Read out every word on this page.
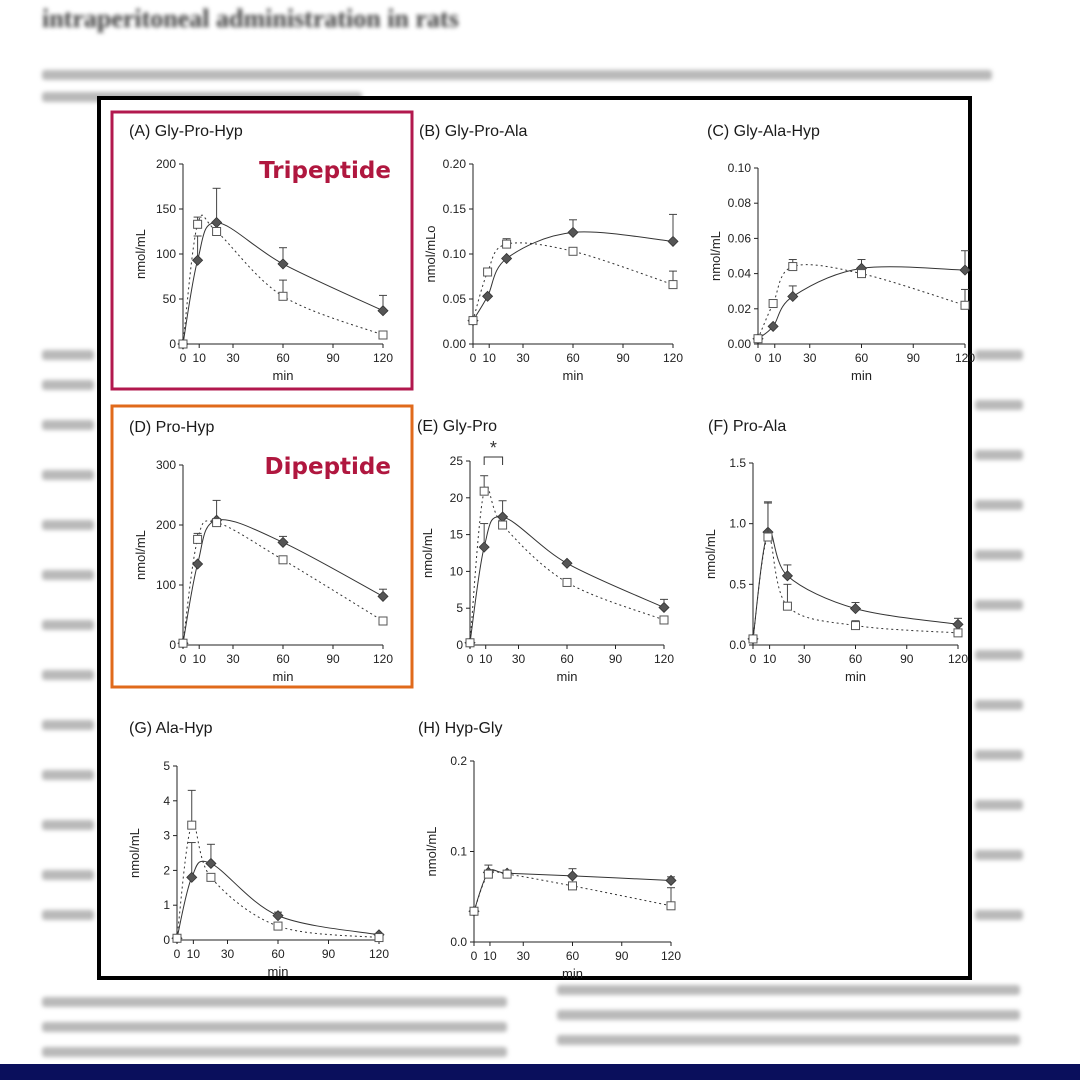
intraperitoneal administration in rats
(A) Gly-Pro-Hyp
Tripeptide
0
50
100
150
200
0 10 30	60	90	120
min
nmol/mL
(B) Gly-Pro-Ala
0.00
0.05
0.10
0.15
0.20
0 10 30	60	90	120
min
nmol/mLo
(C) Gly-Ala-Hyp
0.00
0.02
0.04
0.06
0.08
0.10
0 10 30	60	90	120
min
nmol/mL
(D) Pro-Hyp
Dipeptide
0
100
200
300
0 10 30	60	90	120
min
nmol/mL
(E) Gly-Pro
0
5
10
15
20
25
0 10 30	60	90	120
min
nmol/mL
*
(F) Pro-Ala
0.0
0.5
1.0
1.5
0 10 30	60	90	120
min
nmol/mL
(G) Ala-Hyp
0
1
2
3
4
5
0 10 30	60	90	120
min
nmol/mL
(H) Hyp-Gly
0.0
0.1
0.2
0 10 30	60	90	120
min
nmol/mL
